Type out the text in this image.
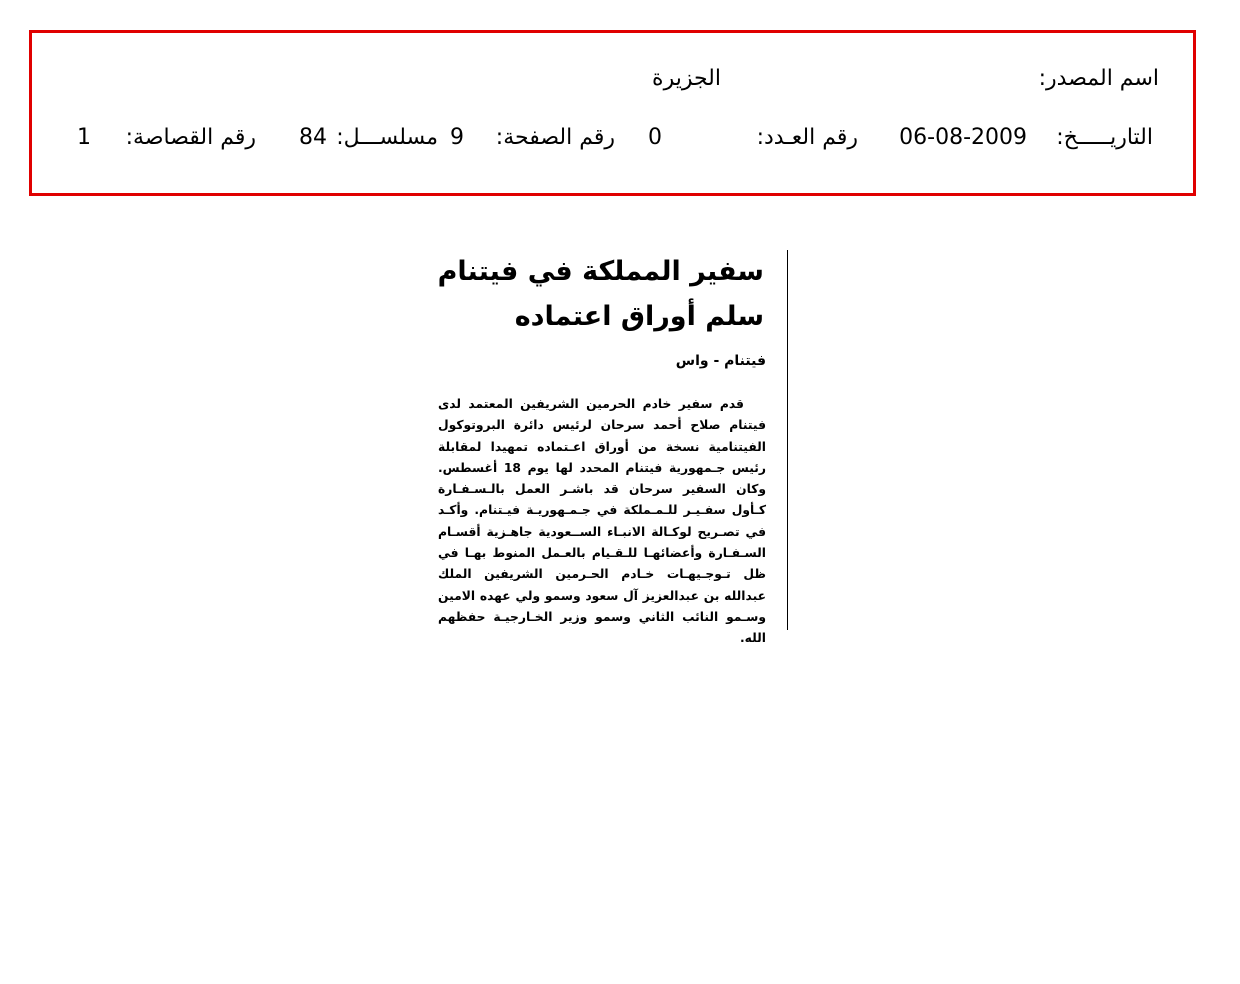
اسم المصدر:
الجزيرة
التاريـــــخ:
06-08-2009
رقم العـدد:
0
رقم الصفحة:
9
مسلســـل:
84
رقم القصاصة:
1
سفير المملكة في فيتنام
سلم أوراق اعتماده
فيتنام - واس

قدم سفير خادم الحرمين الشريفين المعتمد لدى فيتنام صلاح أحمد سرحان لرئيس دائرة البروتوكول الفيتنامية نسخة من أوراق اعـتماده تمهيدا لمقابلة رئيس جـمهورية فيتنام المحدد لها يوم 18 أغسطس. وكان السفير سرحان قد باشـر العمل بالـسـفـارة كـأول سفـيـر للـمـملكة في جـمـهوريـة فيـتنام. وأكـد في تصـريح لوكـالة الانبـاء الســعودية جاهـزية أقسـام السـفـارة وأعضائهـا للـقـيام بالعـمل المنوط بهـا في ظل تـوجـيهـات خـادم الحـرمين الشريفين الملك عبدالله بن عبدالعزيز آل سعود وسمو ولي عهده الامين وسـمو النائب الثاني وسمو وزير الخـارجيـة حفظهم الله.
